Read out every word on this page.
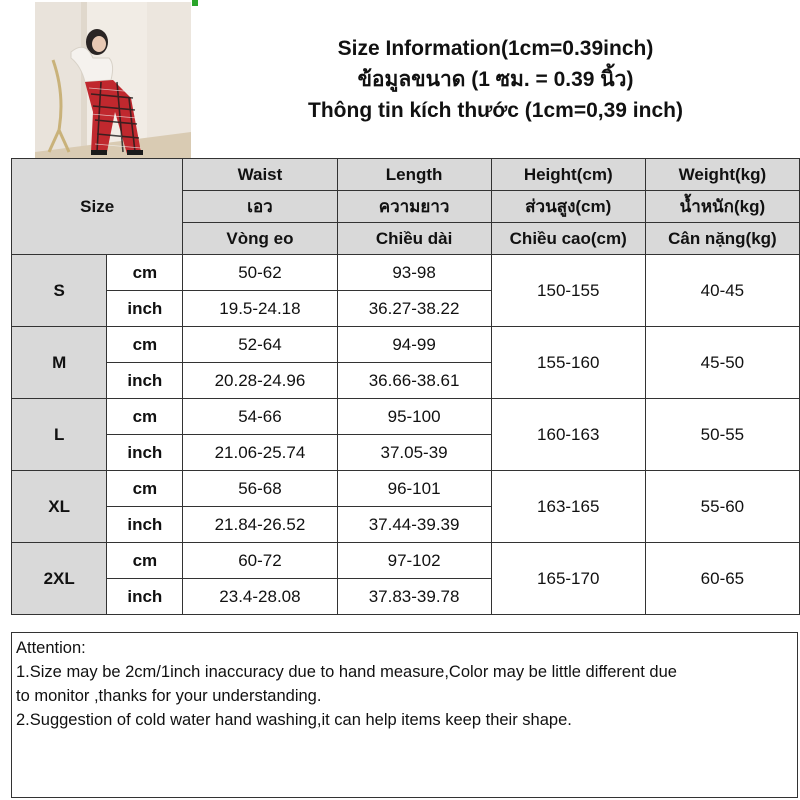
Size Information(1cm=0.39inch)
ข้อมูลขนาด (1 ซม. = 0.39 นิ้ว)
Thông tin kích thước (1cm=0,39 inch)
Size		Waist	Length	Height(cm)	Weight(kg)
		เอว	ความยาว	ส่วนสูง(cm)	น้ำหนัก(kg)
		Vòng eo	Chiều dài	Chiều cao(cm)	Cân nặng(kg)
S	cm	50-62	93-98	150-155	40-45
	inch	19.5-24.18	36.27-38.22		
M	cm	52-64	94-99	155-160	45-50
	inch	20.28-24.96	36.66-38.61		
L	cm	54-66	95-100	160-163	50-55
	inch	21.06-25.74	37.05-39		
XL	cm	56-68	96-101	163-165	55-60
	inch	21.84-26.52	37.44-39.39		
2XL	cm	60-72	97-102	165-170	60-65
	inch	23.4-28.08	37.83-39.78		
Attention:
1.Size may be 2cm/1inch inaccuracy due to hand measure,Color may be little different due
to monitor ,thanks for your understanding.
2.Suggestion of cold water hand washing,it can help items keep their shape.
